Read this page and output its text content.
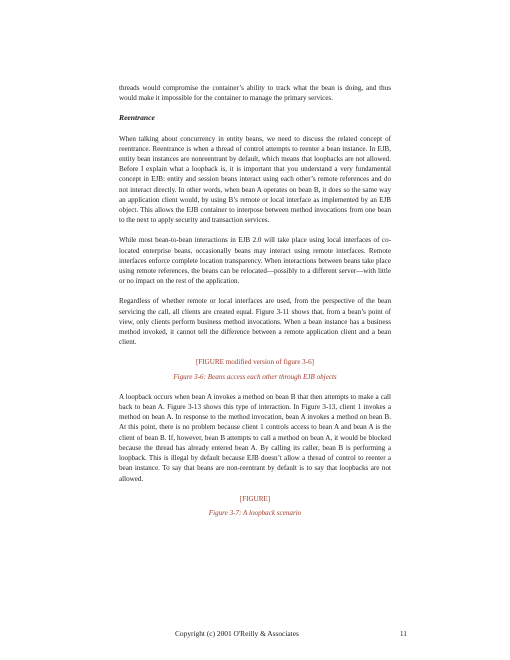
threads would compromise the container’s ability to track what the bean is doing, and thus would make it impossible for the container to manage the primary services.

Reentrance

When talking about concurrency in entity beans, we need to discuss the related concept of reentrance. Reentrance is when a thread of control attempts to reenter a bean instance. In EJB, entity bean instances are nonreentrant by default, which means that loopbacks are not allowed. Before I explain what a loopback is, it is important that you understand a very fundamental concept in EJB: entity and session beans interact using each other’s remote references and do not interact directly. In other words, when bean A operates on bean B, it does so the same way an application client would, by using B’s remote or local interface as implemented by an EJB object. This allows the EJB container to interpose between method invocations from one bean to the next to apply security and transaction services.

While most bean-to-bean interactions in EJB 2.0 will take place using local interfaces of co-located enterprise beans, occasionally beans may interact using remote interfaces. Remote interfaces enforce complete location transparency. When interactions between beans take place using remote references, the beans can be relocated—possibly to a different server—with little or no impact on the rest of the application.

Regardless of whether remote or local interfaces are used, from the perspective of the bean servicing the call, all clients are created equal. Figure 3-11 shows that, from a bean’s point of view, only clients perform business method invocations. When a bean instance has a business method invoked, it cannot tell the difference between a remote application client and a bean client.

[FIGURE modified version of figure 3-6]

Figure 3-6: Beans access each other through EJB objects

A loopback occurs when bean A invokes a method on bean B that then attempts to make a call back to bean A. Figure 3-13 shows this type of interaction. In Figure 3-13, client 1 invokes a method on bean A. In response to the method invocation, bean A invokes a method on bean B. At this point, there is no problem because client 1 controls access to bean A and bean A is the client of bean B. If, however, bean B attempts to call a method on bean A, it would be blocked because the thread has already entered bean A. By calling its caller, bean B is performing a loopback. This is illegal by default because EJB doesn’t allow a thread of control to reenter a bean instance. To say that beans are non-reentrant by default is to say that loopbacks are not allowed.

[FIGURE]

Figure 3-7: A loopback scenario

Copyright (c) 2001 O'Reilly & Associates	11
